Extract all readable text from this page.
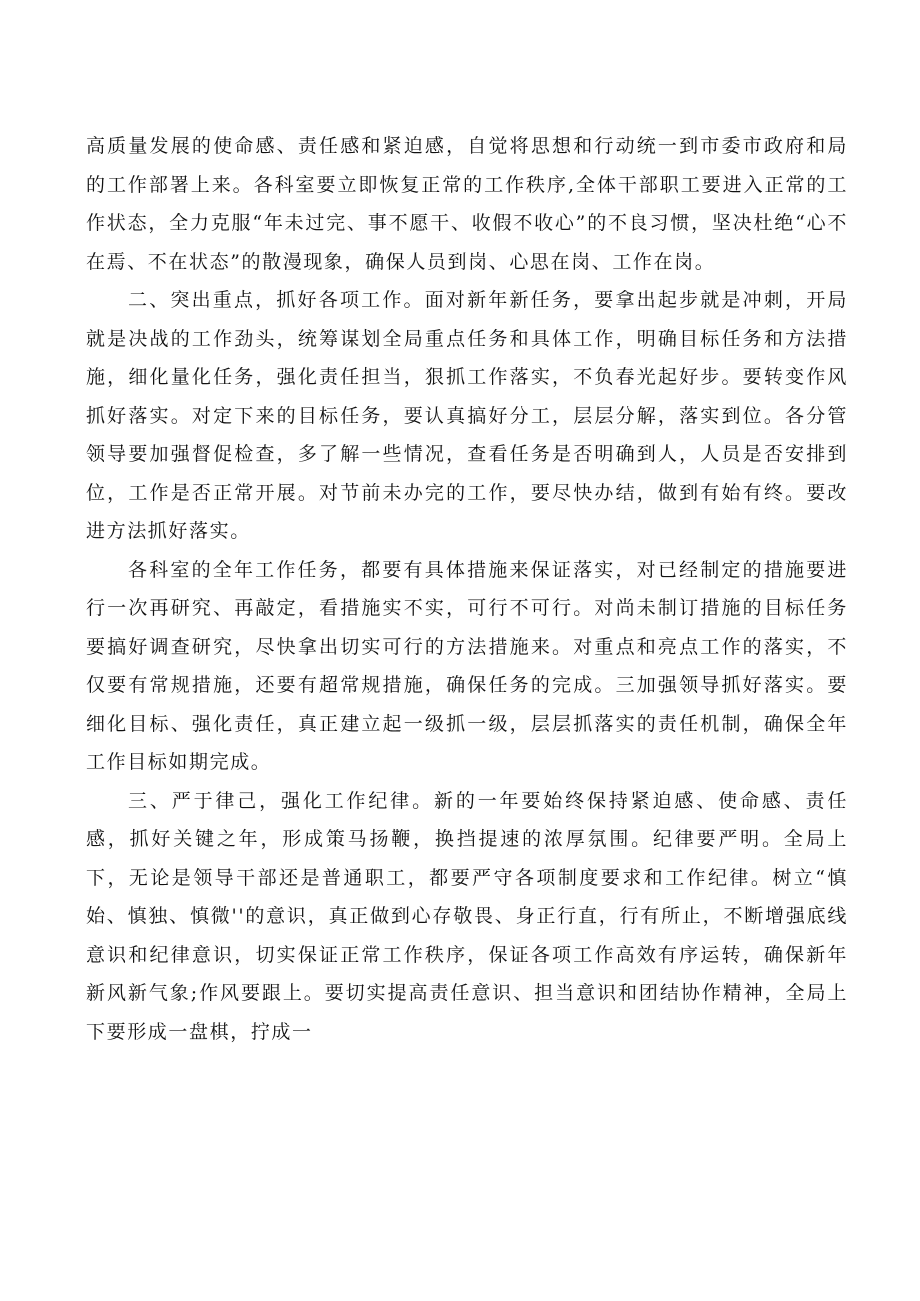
高质量发展的使命感、责任感和紧迫感，自觉将思想和行动统一到市委市政府和局的工作部署上来。各科室要立即恢复正常的工作秩序,全体干部职工要进入正常的工作状态，全力克服“年未过完、事不愿干、收假不收心”的不良习惯，坚决杜绝“心不在焉、不在状态”的散漫现象，确保人员到岗、心思在岗、工作在岗。

二、突出重点，抓好各项工作。面对新年新任务，要拿出起步就是冲刺，开局就是决战的工作劲头，统筹谋划全局重点任务和具体工作，明确目标任务和方法措施，细化量化任务，强化责任担当，狠抓工作落实，不负春光起好步。要转变作风抓好落实。对定下来的目标任务，要认真搞好分工，层层分解，落实到位。各分管领导要加强督促检查，多了解一些情况，查看任务是否明确到人，人员是否安排到位，工作是否正常开展。对节前未办完的工作，要尽快办结，做到有始有终。要改进方法抓好落实。

各科室的全年工作任务，都要有具体措施来保证落实，对已经制定的措施要进行一次再研究、再敲定，看措施实不实，可行不可行。对尚未制订措施的目标任务要搞好调查研究，尽快拿出切实可行的方法措施来。对重点和亮点工作的落实，不仅要有常规措施，还要有超常规措施，确保任务的完成。三加强领导抓好落实。要细化目标、强化责任，真正建立起一级抓一级，层层抓落实的责任机制，确保全年工作目标如期完成。

三、严于律己，强化工作纪律。新的一年要始终保持紧迫感、使命感、责任感，抓好关键之年，形成策马扬鞭，换挡提速的浓厚氛围。纪律要严明。全局上下，无论是领导干部还是普通职工，都要严守各项制度要求和工作纪律。树立“慎始、慎独、慎微''的意识，真正做到心存敬畏、身正行直，行有所止，不断增强底线意识和纪律意识，切实保证正常工作秩序，保证各项工作高效有序运转，确保新年新风新气象;作风要跟上。要切实提高责任意识、担当意识和团结协作精神，全局上下要形成一盘棋，拧成一
